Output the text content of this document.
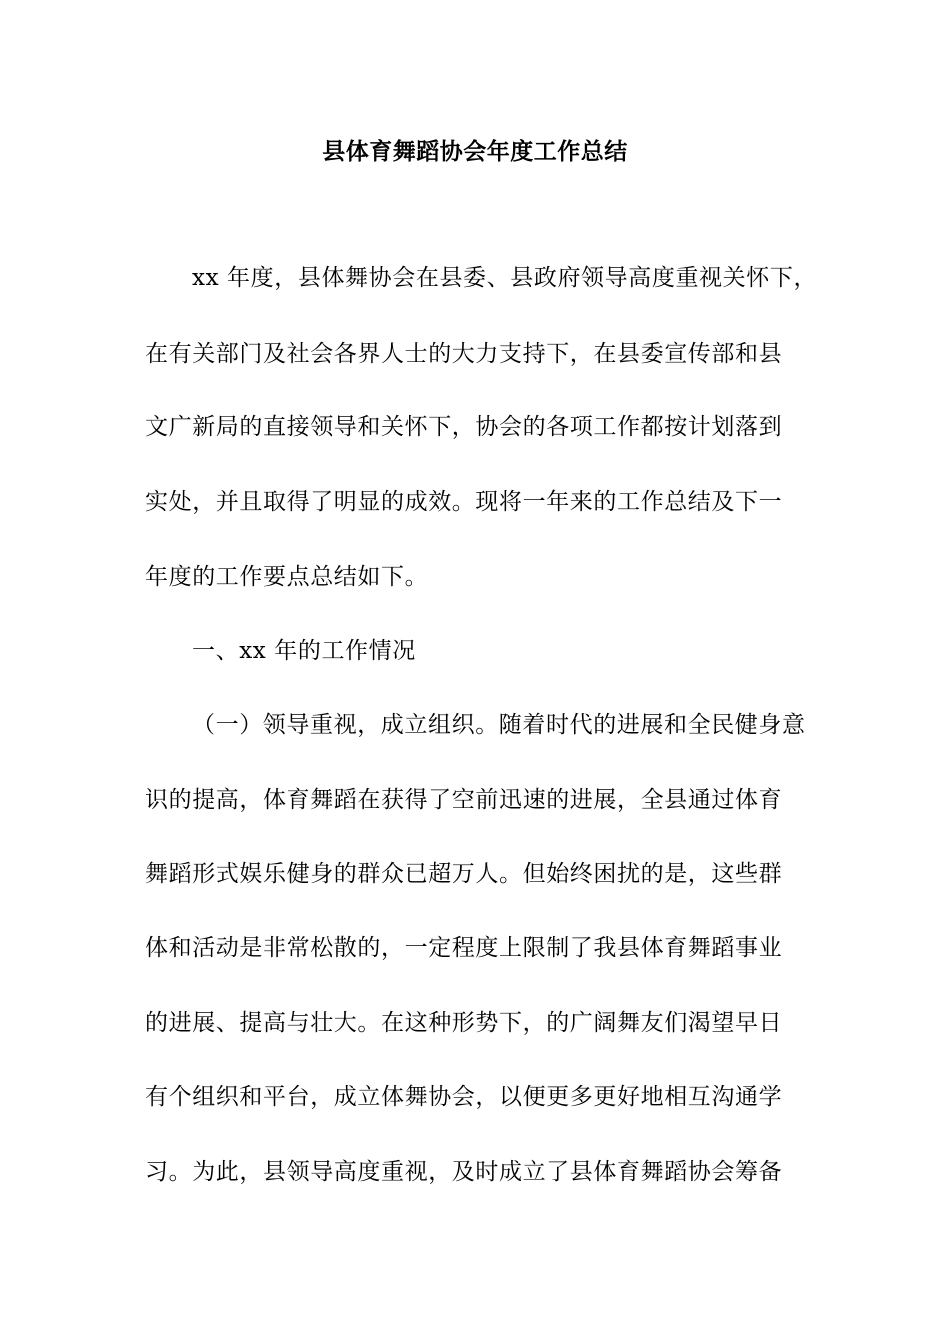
县体育舞蹈协会年度工作总结
xx 年度，县体舞协会在县委、县政府领导高度重视关怀下，
在有关部门及社会各界人士的大力支持下，在县委宣传部和县
文广新局的直接领导和关怀下，协会的各项工作都按计划落到
实处，并且取得了明显的成效。现将一年来的工作总结及下一
年度的工作要点总结如下。
一、xx 年的工作情况
（一）领导重视，成立组织。随着时代的进展和全民健身意
识的提高，体育舞蹈在获得了空前迅速的进展，全县通过体育
舞蹈形式娱乐健身的群众已超万人。但始终困扰的是，这些群
体和活动是非常松散的，一定程度上限制了我县体育舞蹈事业
的进展、提高与壮大。在这种形势下，的广阔舞友们渴望早日
有个组织和平台，成立体舞协会，以便更多更好地相互沟通学
习。为此，县领导高度重视，及时成立了县体育舞蹈协会筹备
